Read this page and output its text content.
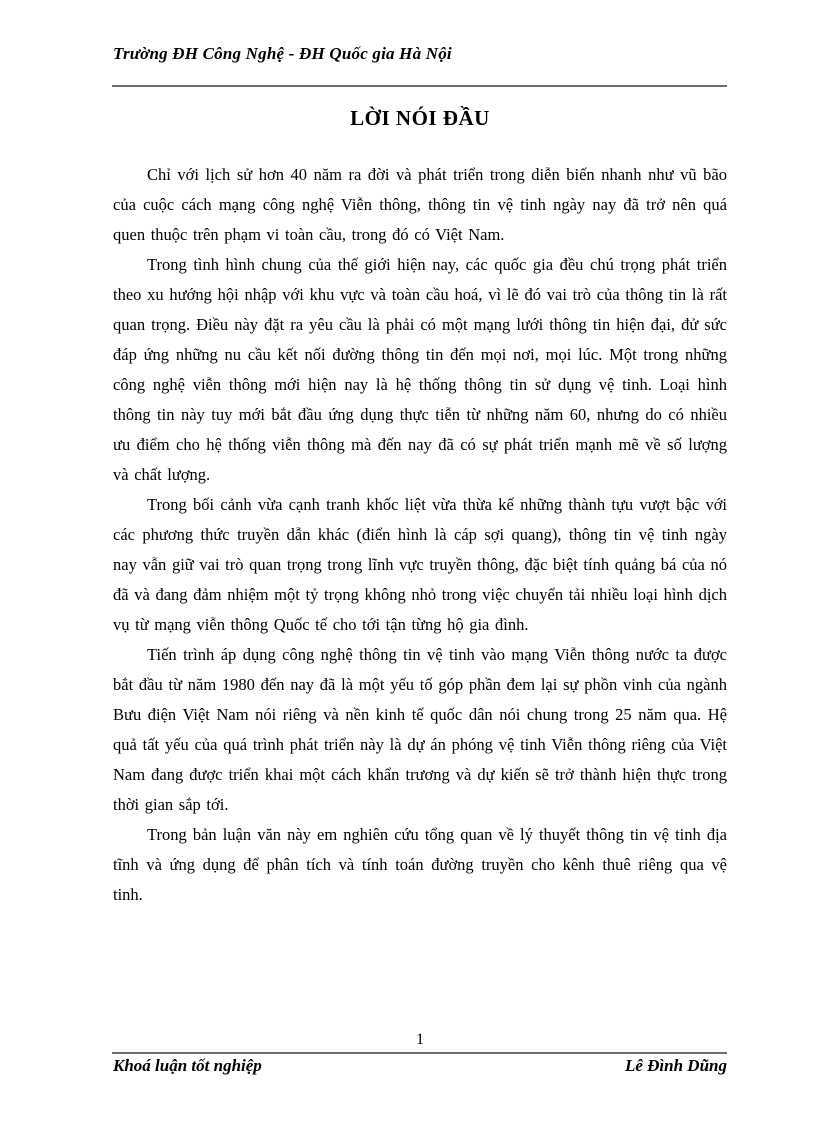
Trường ĐH Công Nghệ - ĐH Quốc gia Hà Nội
LỜI NÓI ĐẦU

Chỉ với lịch sử hơn 40 năm ra đời và phát triển trong diễn biến nhanh như vũ bão của cuộc cách mạng công nghệ Viễn thông, thông tin vệ tinh ngày nay đã trở nên quá quen thuộc trên phạm vi toàn cầu, trong đó có Việt Nam.

Trong tình hình chung của thế giới hiện nay, các quốc gia đều chú trọng phát triển theo xu hướng hội nhập với khu vực và toàn cầu hoá, vì lẽ đó vai trò của thông tin là rất quan trọng. Điều này đặt ra yêu cầu là phải có một mạng lưới thông tin hiện đại, đử sức đáp ứng những nu cầu kết nối đường thông tin đến mọi nơi, mọi lúc. Một trong những công nghệ viễn thông mới hiện nay là hệ thống thông tin sử dụng vệ tinh. Loại hình thông tin này tuy mới bắt đầu ứng dụng thực tiễn từ những năm 60, nhưng do có nhiều ưu điểm cho hệ thống viễn thông mà đến nay đã có sự phát triển mạnh mẽ về số lượng và chất lượng.

Trong bối cảnh vừa cạnh tranh khốc liệt vừa thừa kế những thành tựu vượt bậc với các phương thức truyền dẫn khác (điển hình là cáp sợi quang), thông tin vệ tinh ngày nay vẫn giữ vai trò quan trọng trong lĩnh vực truyền thông, đặc biệt tính quảng bá của nó đã và đang đảm nhiệm một tỷ trọng không nhỏ trong việc chuyển tải nhiều loại hình dịch vụ từ mạng viễn thông Quốc tế cho tới tận từng hộ gia đình.

Tiến trình áp dụng công nghệ thông tin vệ tinh vào mạng Viễn thông nước ta được bắt đầu từ năm 1980 đến nay đã là một yếu tố góp phần đem lại sự phồn vinh của ngành Bưu điện Việt Nam nói riêng và nền kinh tế quốc dân nói chung trong 25 năm qua. Hệ quả tất yếu của quá trình phát triển này là dự án phóng vệ tinh Viễn thông riêng của Việt Nam đang được triển khai một cách khẩn trương và dự kiến sẽ trở thành hiện thực trong thời gian sắp tới.

Trong bản luận văn này em nghiên cứu tổng quan về lý thuyết thông tin vệ tinh địa tĩnh và ứng dụng để phân tích và tính toán đường truyền cho kênh thuê riêng qua vệ tinh.

1
Khoá luận tốt nghiệp	Lê Đình Dũng
